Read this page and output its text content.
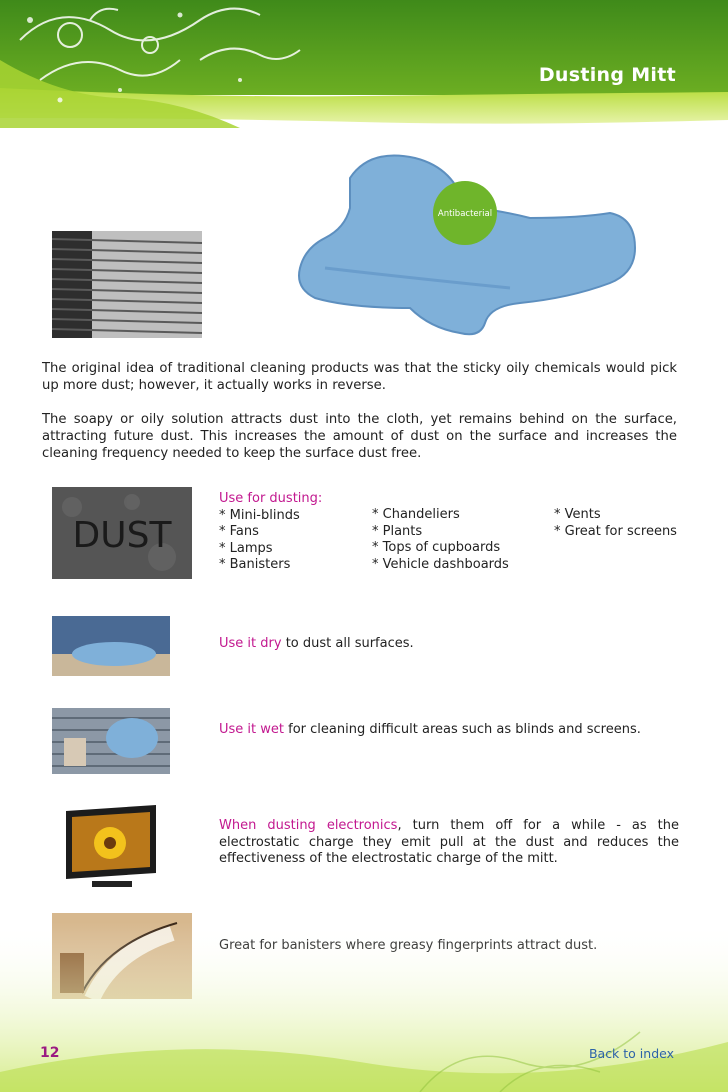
Dusting Mitt
Antibacterial

The original idea of traditional cleaning products was that the sticky oily chemicals would pick up more dust; however, it actually works in reverse.

The soapy or oily solution attracts dust into the cloth, yet remains behind on the surface, attracting future dust. This increases the amount of dust on the surface and increases the cleaning frequency needed to keep the surface dust free.

DUST
Use for dusting:
* Mini-blinds
* Fans
* Lamps
* Banisters
* Chandeliers
* Plants
* Tops of cupboards
* Vehicle dashboards
* Vents
* Great for screens
Use it dry to dust all surfaces.
Use it wet for cleaning difficult areas such as blinds and screens.
When dusting electronics, turn them off for a while - as the electrostatic charge they emit pull at the dust and reduces the effectiveness of the electrostatic charge of the mitt.
12	Back to index
